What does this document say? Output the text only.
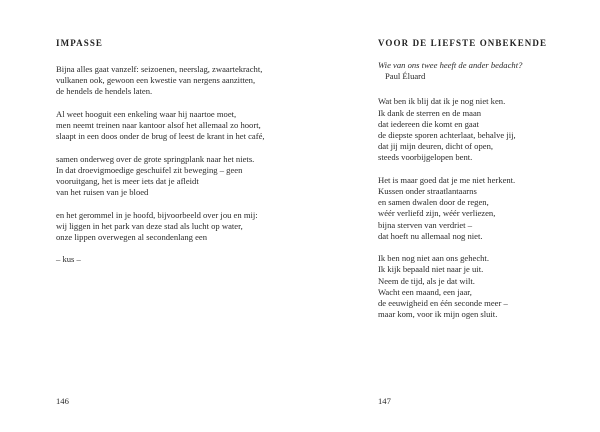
IMPASSE
Bijna alles gaat vanzelf: seizoenen, neerslag, zwaartekracht,
vulkanen ook, gewoon een kwestie van nergens aanzitten,
de hendels de hendels laten.
Al weet hooguit een enkeling waar hij naartoe moet,
men neemt treinen naar kantoor alsof het allemaal zo hoort,
slaapt in een doos onder de brug of leest de krant in het café,
samen onderweg over de grote springplank naar het niets.
In dat droevigmoedige geschuifel zit beweging – geen
vooruitgang, het is meer iets dat je afleidt
van het ruisen van je bloed
en het gerommel in je hoofd, bijvoorbeeld over jou en mij:
wij liggen in het park van deze stad als lucht op water,
onze lippen overwegen al secondenlang een
– kus –
146
VOOR DE LIEFSTE ONBEKENDE
Wie van ons twee heeft de ander bedacht?
Paul Éluard
Wat ben ik blij dat ik je nog niet ken.
Ik dank de sterren en de maan
dat iedereen die komt en gaat
de diepste sporen achterlaat, behalve jij,
dat jij mijn deuren, dicht of open,
steeds voorbijgelopen bent.
Het is maar goed dat je me niet herkent.
Kussen onder straatlantaarns
en samen dwalen door de regen,
wéér verliefd zijn, wéér verliezen,
bijna sterven van verdriet –
dat hoeft nu allemaal nog niet.
Ik ben nog niet aan ons gehecht.
Ik kijk bepaald niet naar je uit.
Neem de tijd, als je dat wilt.
Wacht een maand, een jaar,
de eeuwigheid en één seconde meer –
maar kom, voor ik mijn ogen sluit.
147
